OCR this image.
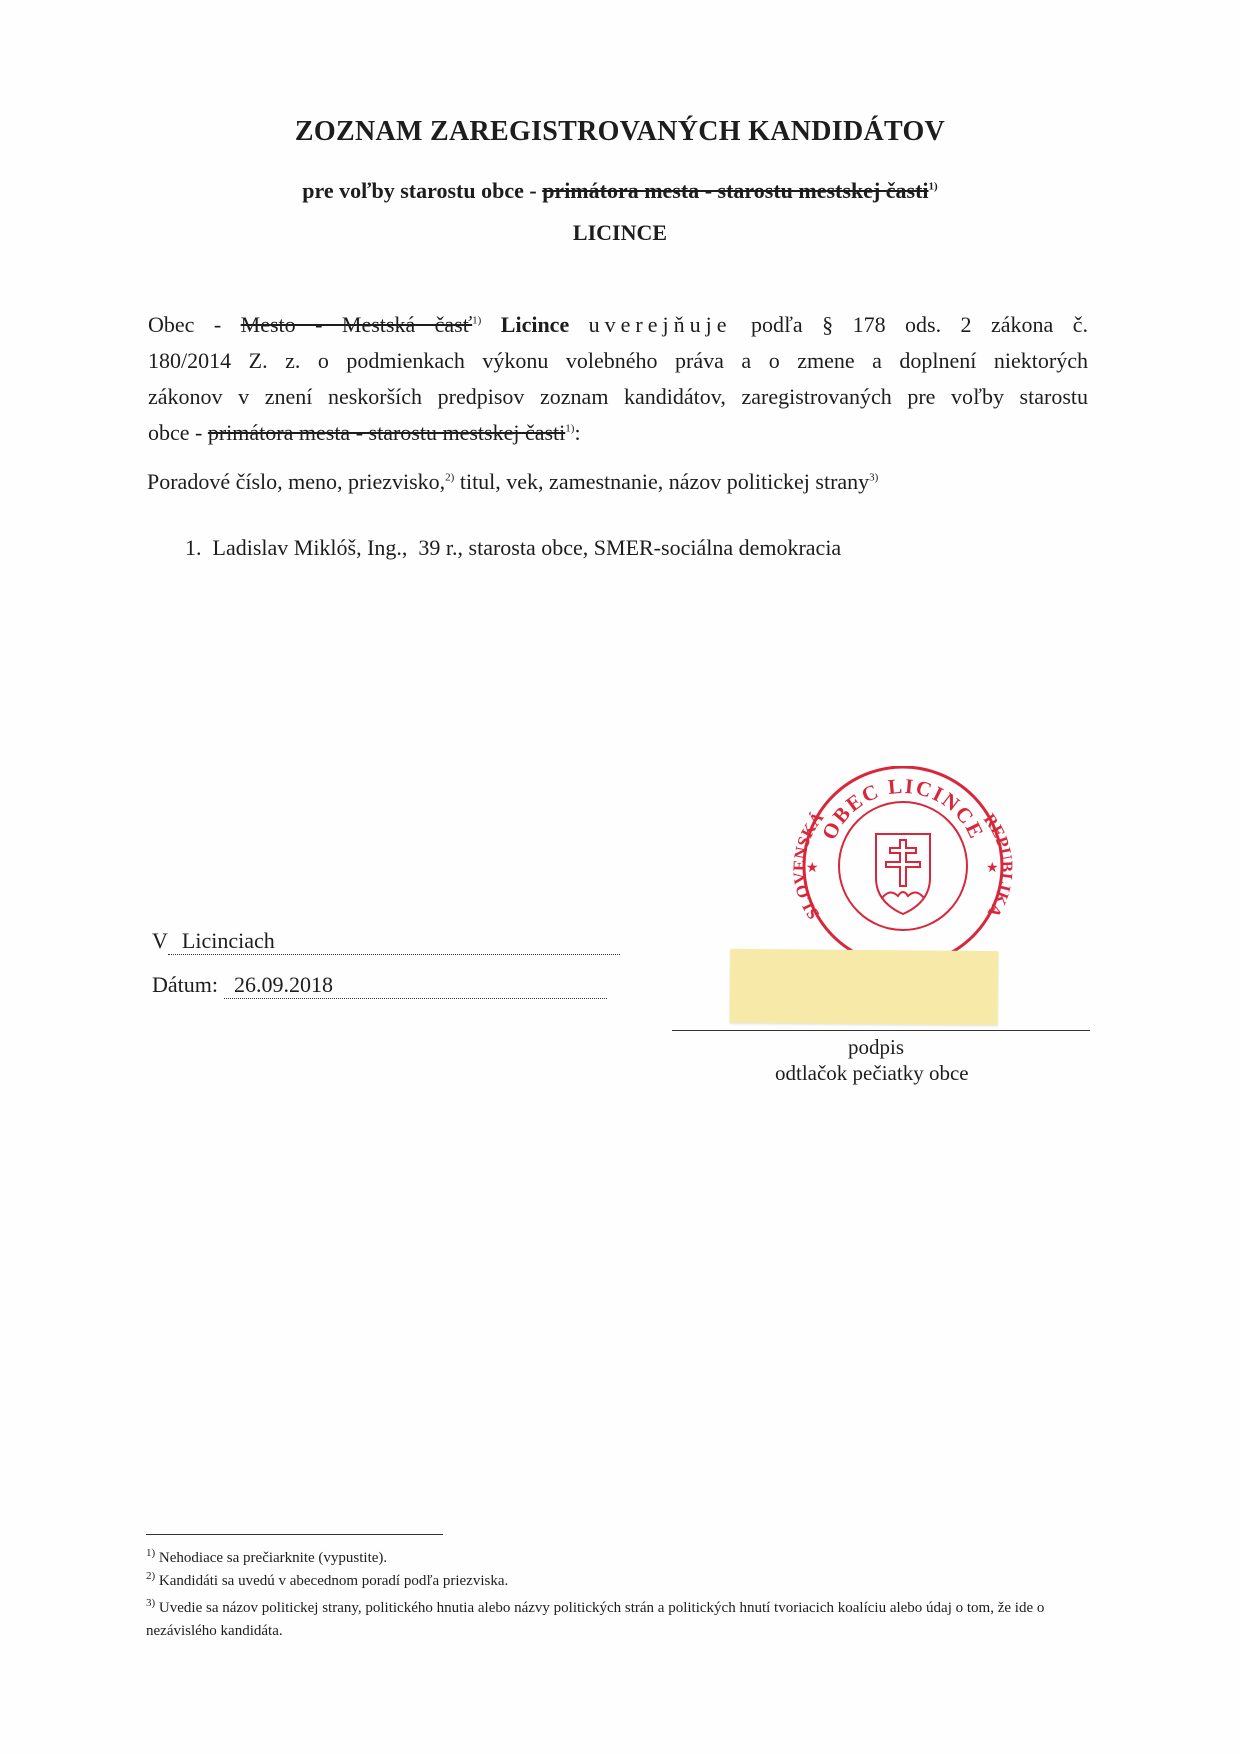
ZOZNAM ZAREGISTROVANÝCH KANDIDÁTOV
pre voľby starostu obce - primátora mesta - starostu mestskej časti$^{1)}$
LICINCE
Obec - Mesto - Mestská časť$^{1)}$ Licince uverejňuje podľa § 178 ods. 2 zákona č.
180/2014 Z. z. o podmienkach výkonu volebného práva a o zmene a doplnení niektorých
zákonov v znení neskorších predpisov zoznam kandidátov, zaregistrovaných pre voľby starostu
obce - primátora mesta - starostu mestskej časti$^{1)}$:
Poradové číslo, meno, priezvisko,$^{2)}$ titul, vek, zamestnanie, názov politickej strany$^{3)}$
1.  Ladislav Miklóš, Ing.,  39 r., starosta obce, SMER-sociálna demokracia
OBEC LICINCE
SLOVENSKÁ	REPUBLIKA
★	★
V Licinciach
Dátum: 26.09.2018
podpis
odtlačok pečiatky obce
$^{1)}$ Nehodiace sa prečiarknite (vypustite).
$^{2)}$ Kandidáti sa uvedú v abecednom poradí podľa priezviska.
$^{3)}$ Uvedie sa názov politickej strany, politického hnutia alebo názvy politických strán a politických hnutí tvoriacich koalíciu alebo údaj o tom, že ide o nezávislého kandidáta.
